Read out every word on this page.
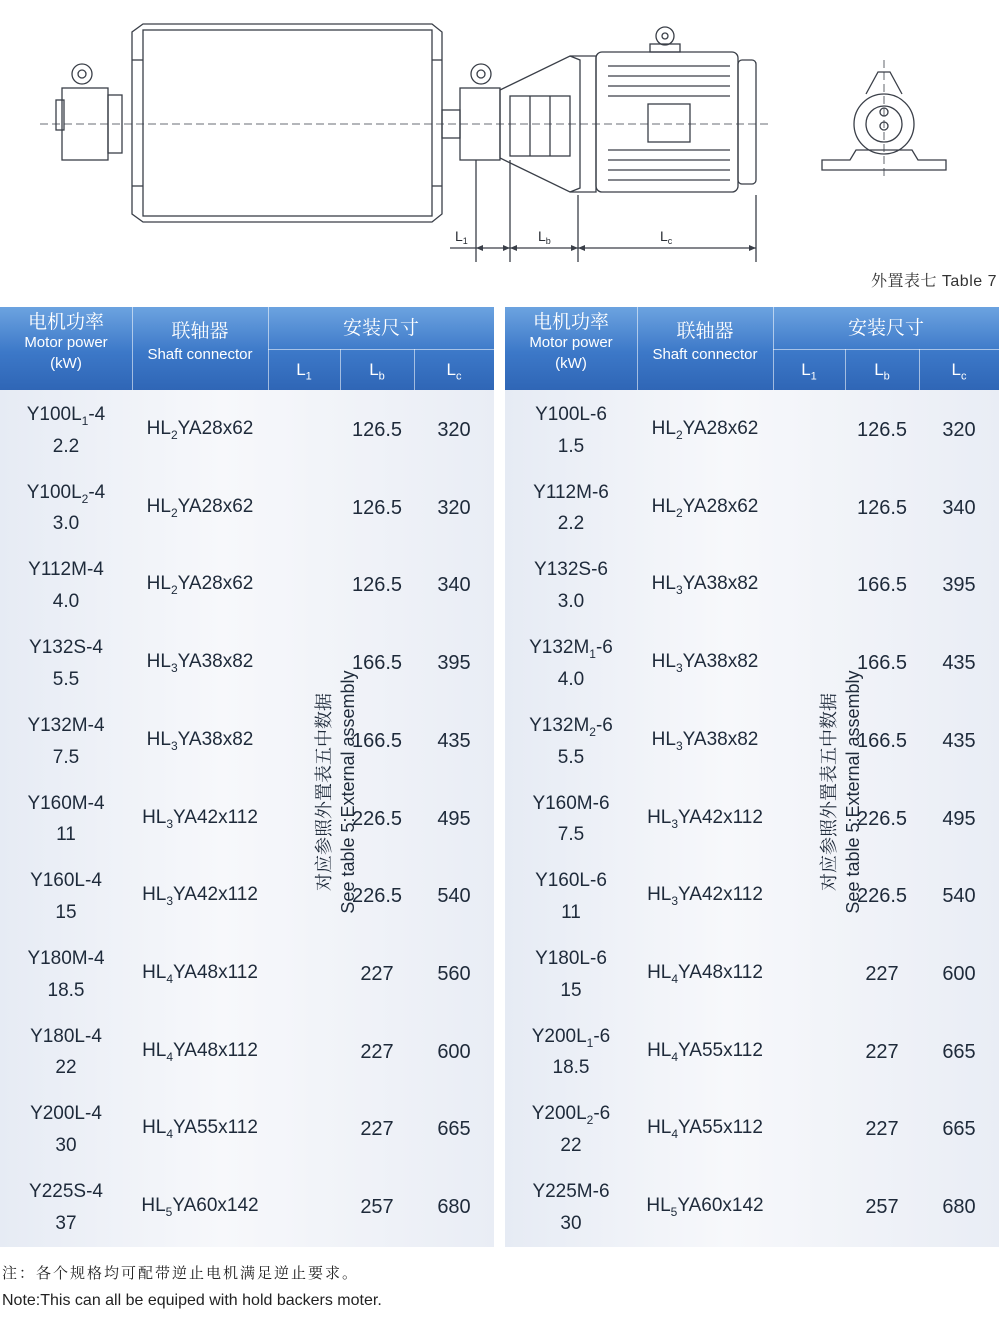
$L_1$	$L_b$	$L_c$
外置表七 Table 7
电机功率
Motor power
(kW)
联轴器
Shaft connector
安装尺寸
$L_1$	$L_b$	$L_c$
$Y100L_1-4$
2.2
$HL_2YA28x62$	126.5	320
$Y100L_2-4$
3.0
$HL_2YA28x62$	126.5	320
Y112M-4
4.0
$HL_2YA28x62$	126.5	340
Y132S-4
5.5
$HL_3YA38x82$	166.5	395
Y132M-4
7.5
$HL_3YA38x82$	166.5	435
Y160M-4
11
$HL_3YA42x112$	226.5	495
Y160L-4
15
$HL_3YA42x112$	226.5	540
Y180M-4
18.5
$HL_4YA48x112$	227	560
Y180L-4
22
$HL_4YA48x112$	227	600
Y200L-4
30
$HL_4YA55x112$	227	665
Y225S-4
37
$HL_5YA60x142$	257	680
对应参照外置表五中数据 See table 5:External assembly
电机功率
Motor power
(kW)
联轴器
Shaft connector
安装尺寸
$L_1$	$L_b$	$L_c$
Y100L-6
1.5
$HL_2YA28x62$	126.5	320
Y112M-6
2.2
$HL_2YA28x62$	126.5	340
Y132S-6
3.0
$HL_3YA38x82$	166.5	395
$Y132M_1-6$
4.0
$HL_3YA38x82$	166.5	435
$Y132M_2-6$
5.5
$HL_3YA38x82$	166.5	435
Y160M-6
7.5
$HL_3YA42x112$	226.5	495
Y160L-6
11
$HL_3YA42x112$	226.5	540
Y180L-6
15
$HL_4YA48x112$	227	600
$Y200L_1-6$
18.5
$HL_4YA55x112$	227	665
$Y200L_2-6$
22
$HL_4YA55x112$	227	665
Y225M-6
30
$HL_5YA60x142$	257	680
对应参照外置表五中数据 See table 5:External assembly
注：各个规格均可配带逆止电机满足逆止要求。
Note:This can all be equiped with hold backers moter.
